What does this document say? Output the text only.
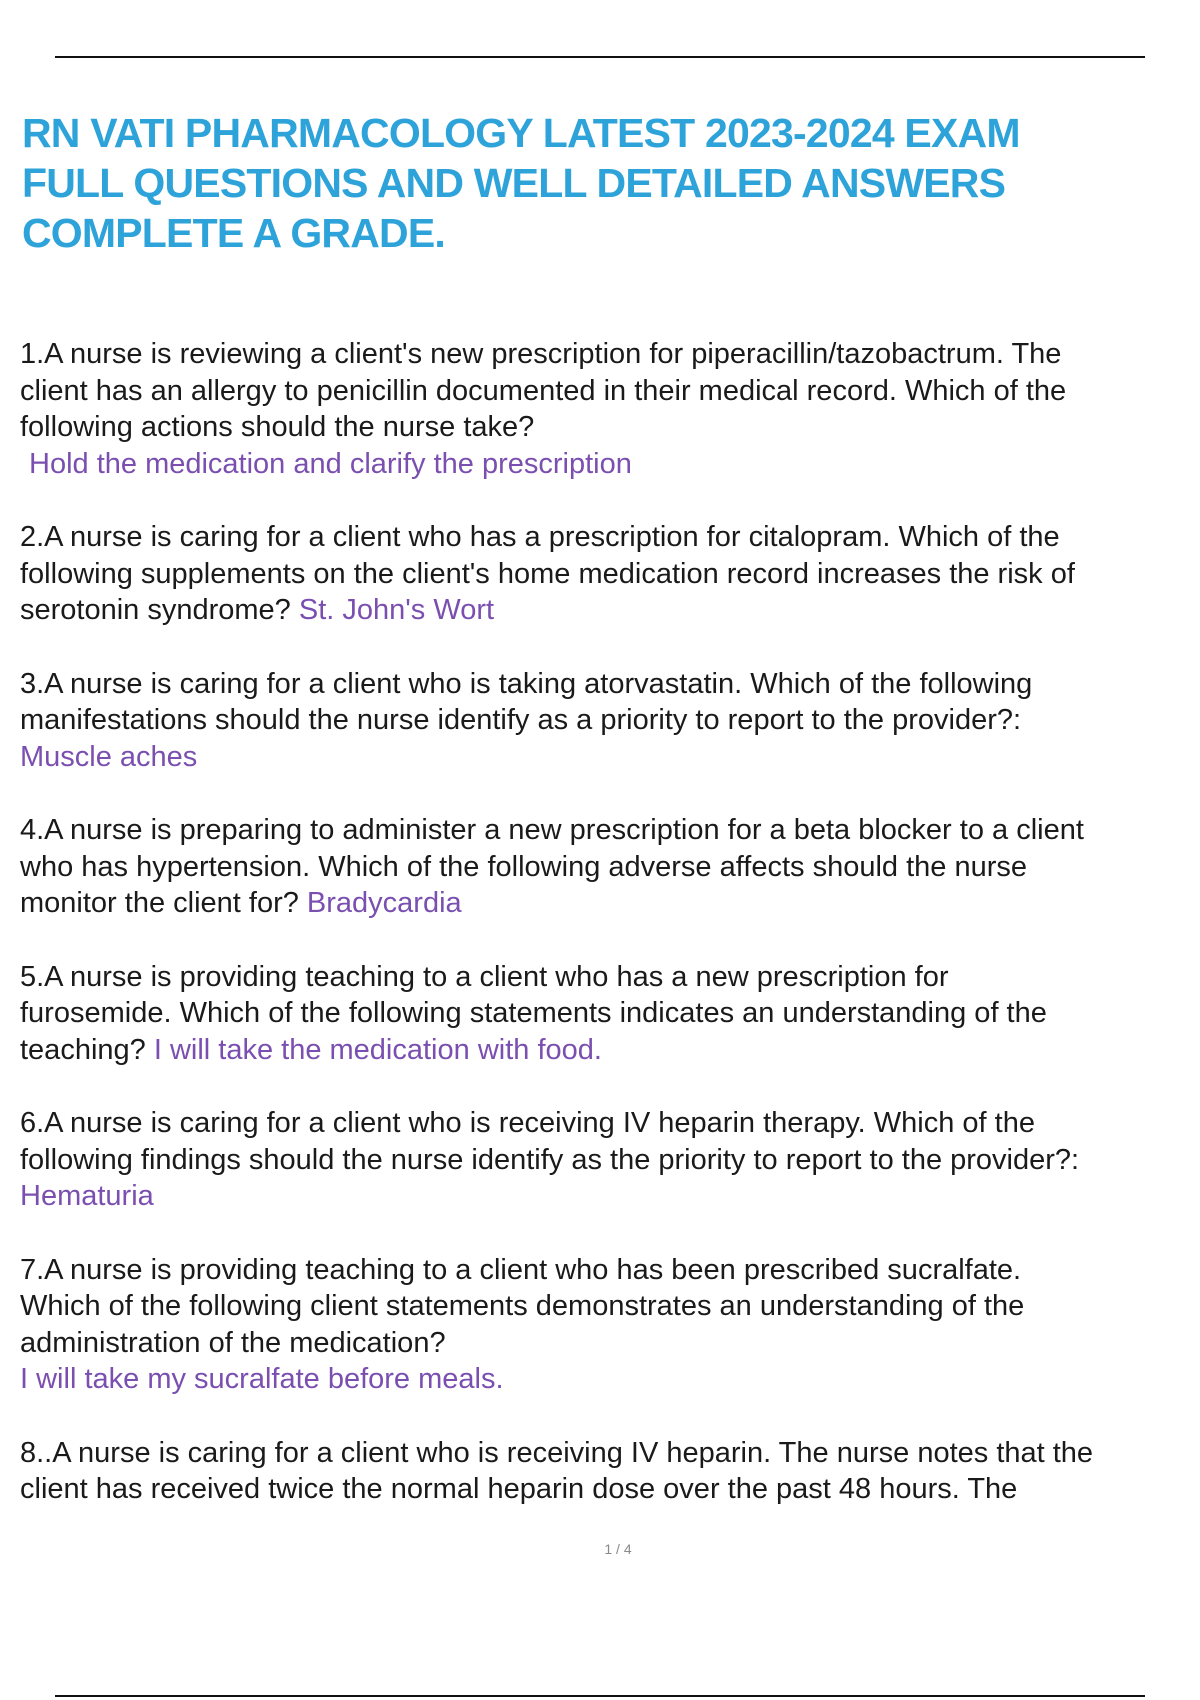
RN VATI PHARMACOLOGY LATEST 2023-2024 EXAM
FULL QUESTIONS AND WELL DETAILED ANSWERS
COMPLETE A GRADE.
1.A nurse is reviewing a client's new prescription for piperacillin/tazobactrum. The
client has an allergy to penicillin documented in their medical record. Which of the
following actions should the nurse take?
Hold the medication and clarify the prescription
2.A nurse is caring for a client who has a prescription for citalopram. Which of the
following supplements on the client's home medication record increases the risk of
serotonin syndrome? St. John's Wort
3.A nurse is caring for a client who is taking atorvastatin. Which of the following
manifestations should the nurse identify as a priority to report to the provider?:
Muscle aches
4.A nurse is preparing to administer a new prescription for a beta blocker to a client
who has hypertension. Which of the following adverse affects should the nurse
monitor the client for? Bradycardia
5.A nurse is providing teaching to a client who has a new prescription for
furosemide. Which of the following statements indicates an understanding of the
teaching? I will take the medication with food.
6.A nurse is caring for a client who is receiving IV heparin therapy. Which of the
following findings should the nurse identify as the priority to report to the provider?:
Hematuria
7.A nurse is providing teaching to a client who has been prescribed sucralfate.
Which of the following client statements demonstrates an understanding of the
administration of the medication?
I will take my sucralfate before meals.
8..A nurse is caring for a client who is receiving IV heparin. The nurse notes that the
client has received twice the normal heparin dose over the past 48 hours. The
1 / 4
